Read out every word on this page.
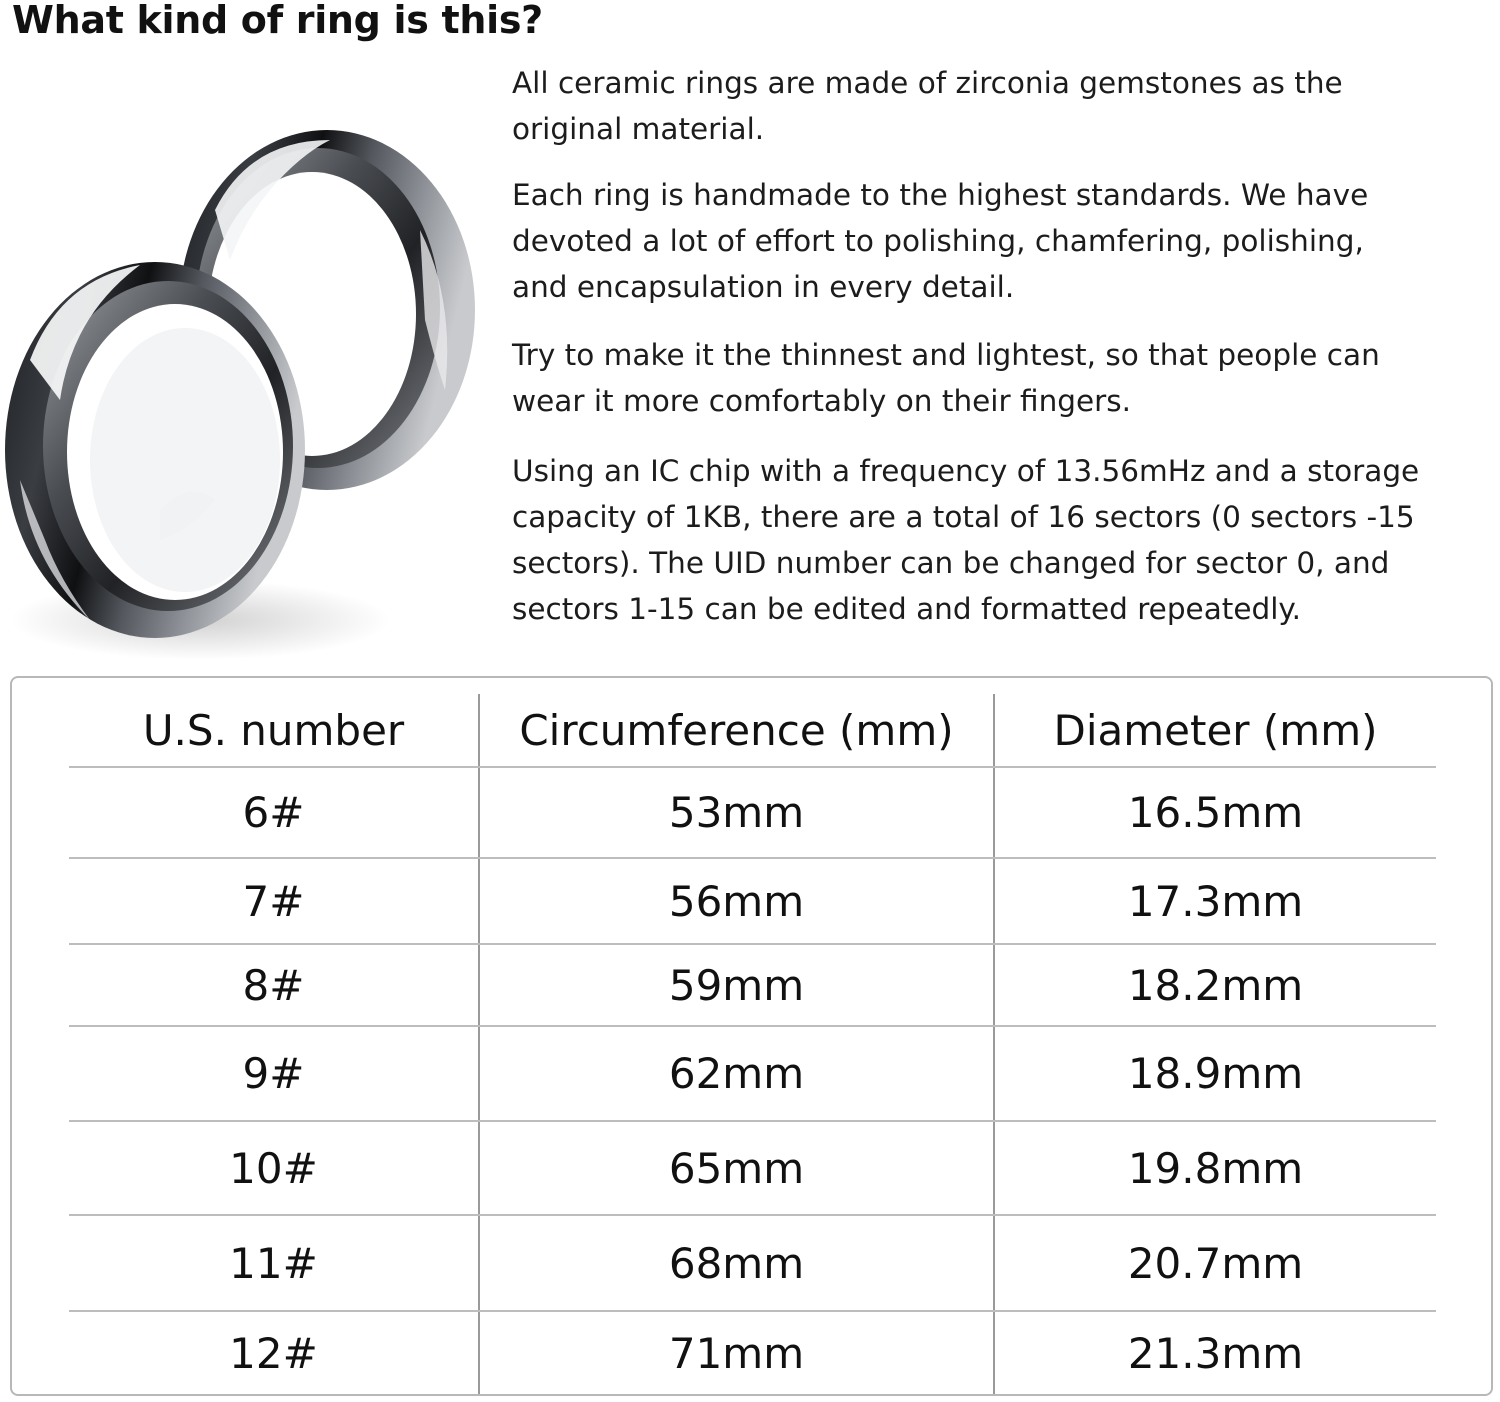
What kind of ring is this?

All ceramic rings are made of zirconia gemstones as the
original material.

Each ring is handmade to the highest standards. We have
devoted a lot of effort to polishing, chamfering, polishing,
and encapsulation in every detail.

Try to make it the thinnest and lightest, so that people can
wear it more comfortably on their fingers.

Using an IC chip with a frequency of 13.56mHz and a storage
capacity of 1KB, there are a total of 16 sectors (0 sectors -15
sectors). The UID number can be changed for sector 0, and
sectors 1-15 can be edited and formatted repeatedly.

U.S. number	Circumference (mm)	Diameter (mm)
6#	53mm	16.5mm
7#	56mm	17.3mm
8#	59mm	18.2mm
9#	62mm	18.9mm
10#	65mm	19.8mm
11#	68mm	20.7mm
12#	71mm	21.3mm
